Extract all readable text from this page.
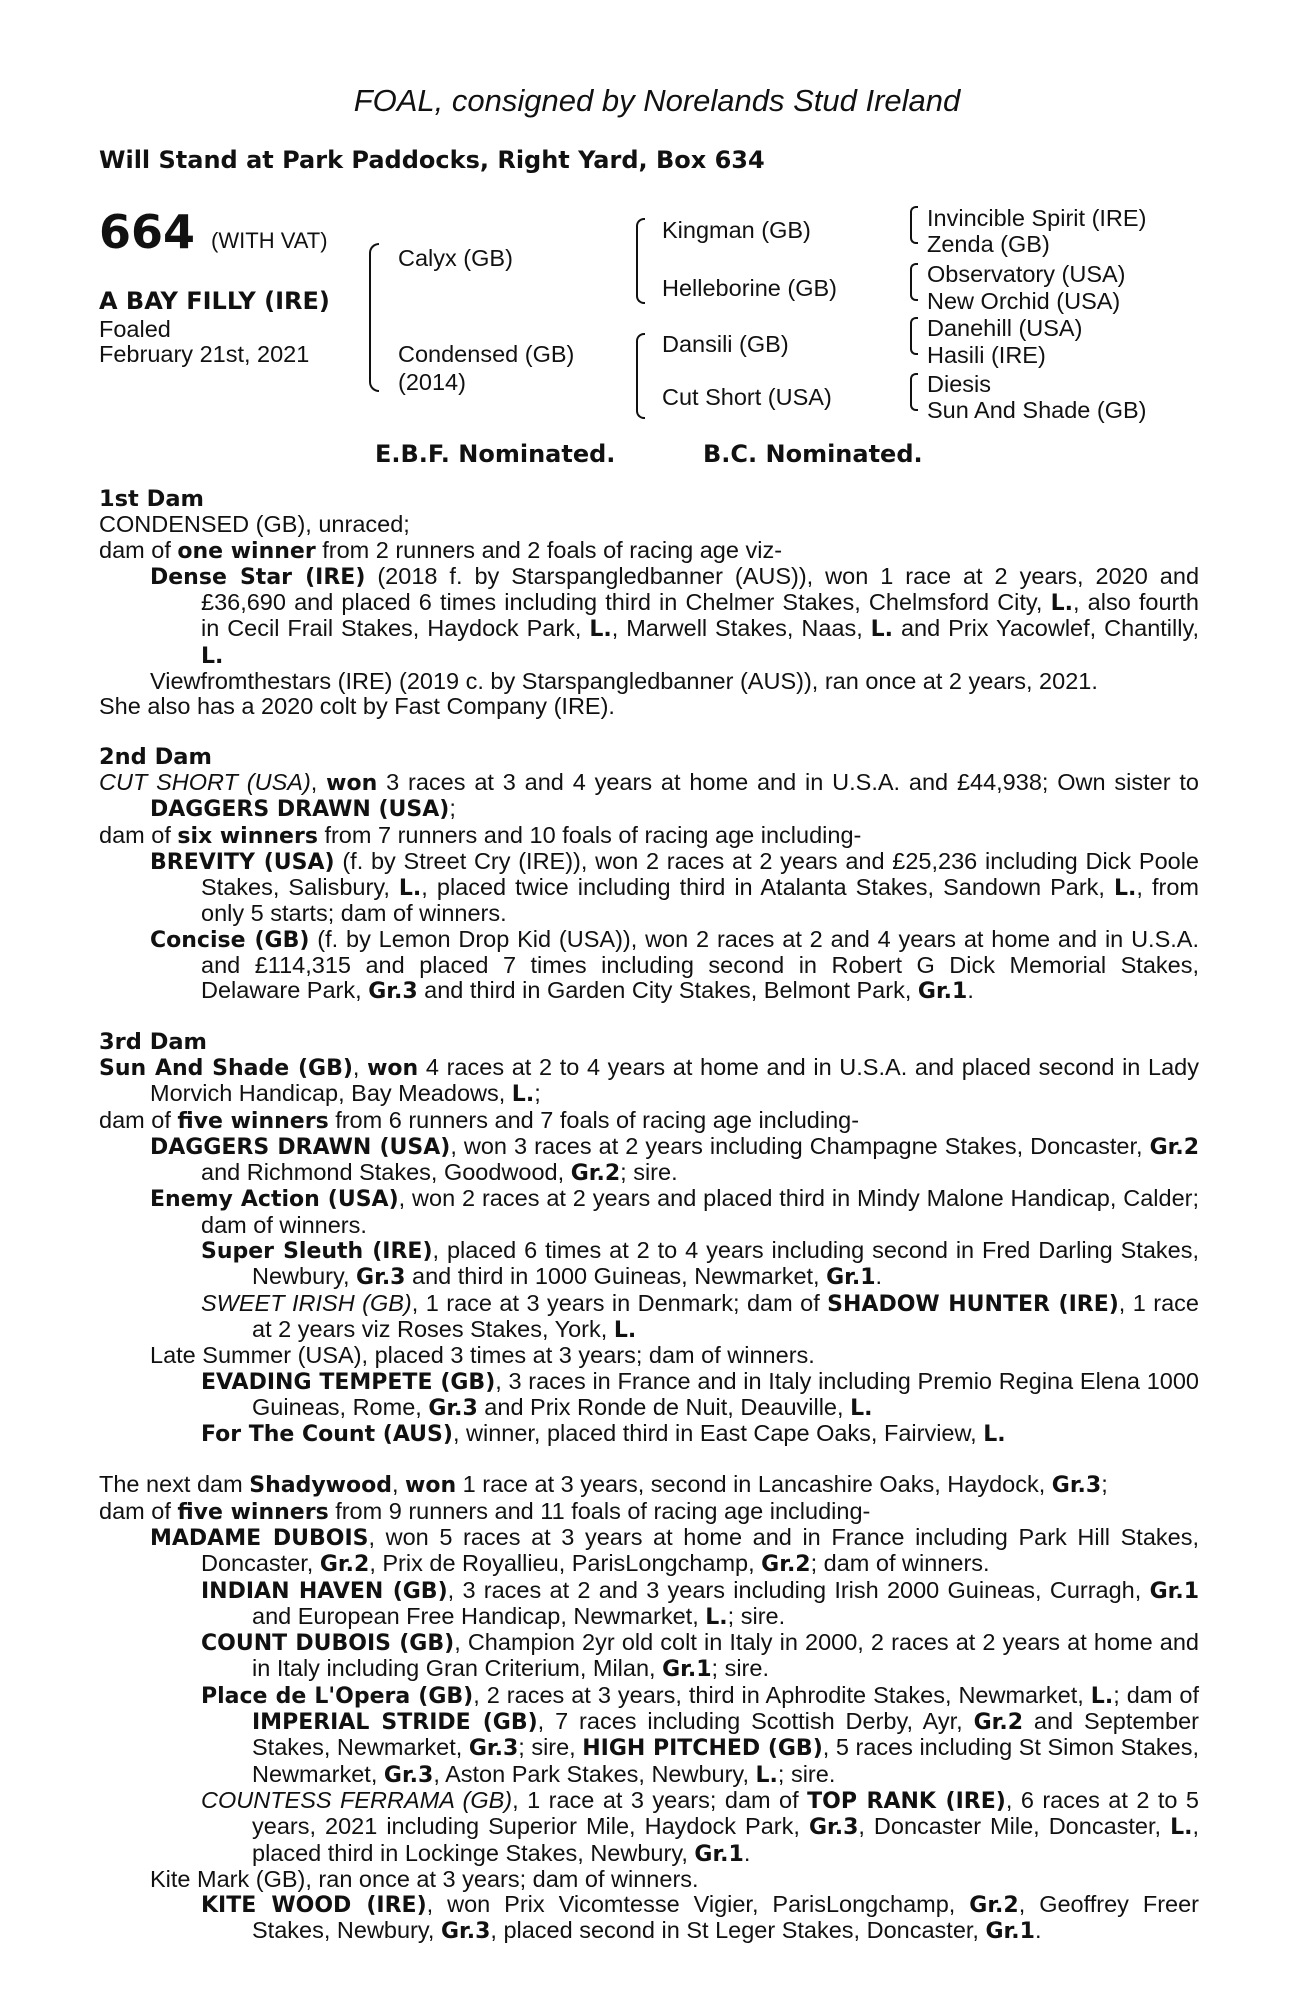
FOAL, consigned by Norelands Stud Ireland
Will Stand at Park Paddocks, Right Yard, Box 634
664 (WITH VAT)
A BAY FILLY (IRE)
Foaled
February 21st, 2021
Calyx (GB)
Condensed (GB)
(2014)
Kingman (GB)
Helleborine (GB)
Dansili (GB)
Cut Short (USA)
Invincible Spirit (IRE)
Zenda (GB)
Observatory (USA)
New Orchid (USA)
Danehill (USA)
Hasili (IRE)
Diesis
Sun And Shade (GB)
E.B.F. Nominated.	B.C. Nominated.
1st Dam
CONDENSED (GB), unraced;
dam of one winner from 2 runners and 2 foals of racing age viz-
Dense Star (IRE) (2018 f. by Starspangledbanner (AUS)), won 1 race at 2 years, 2020 and £36,690 and placed 6 times including third in Chelmer Stakes, Chelmsford City, L., also fourth in Cecil Frail Stakes, Haydock Park, L., Marwell Stakes, Naas, L. and Prix Yacowlef, Chantilly, L.
Viewfromthestars (IRE) (2019 c. by Starspangledbanner (AUS)), ran once at 2 years, 2021.
She also has a 2020 colt by Fast Company (IRE).
2nd Dam
CUT SHORT (USA), won 3 races at 3 and 4 years at home and in U.S.A. and £44,938; Own sister to DAGGERS DRAWN (USA);
dam of six winners from 7 runners and 10 foals of racing age including-
BREVITY (USA) (f. by Street Cry (IRE)), won 2 races at 2 years and £25,236 including Dick Poole Stakes, Salisbury, L., placed twice including third in Atalanta Stakes, Sandown Park, L., from only 5 starts; dam of winners.
Concise (GB) (f. by Lemon Drop Kid (USA)), won 2 races at 2 and 4 years at home and in U.S.A. and £114,315 and placed 7 times including second in Robert G Dick Memorial Stakes, Delaware Park, Gr.3 and third in Garden City Stakes, Belmont Park, Gr.1.
3rd Dam
Sun And Shade (GB), won 4 races at 2 to 4 years at home and in U.S.A. and placed second in Lady Morvich Handicap, Bay Meadows, L.;
dam of five winners from 6 runners and 7 foals of racing age including-
DAGGERS DRAWN (USA), won 3 races at 2 years including Champagne Stakes, Doncaster, Gr.2 and Richmond Stakes, Goodwood, Gr.2; sire.
Enemy Action (USA), won 2 races at 2 years and placed third in Mindy Malone Handicap, Calder; dam of winners.
Super Sleuth (IRE), placed 6 times at 2 to 4 years including second in Fred Darling Stakes, Newbury, Gr.3 and third in 1000 Guineas, Newmarket, Gr.1.
SWEET IRISH (GB), 1 race at 3 years in Denmark; dam of SHADOW HUNTER (IRE), 1 race at 2 years viz Roses Stakes, York, L.
Late Summer (USA), placed 3 times at 3 years; dam of winners.
EVADING TEMPETE (GB), 3 races in France and in Italy including Premio Regina Elena 1000 Guineas, Rome, Gr.3 and Prix Ronde de Nuit, Deauville, L.
For The Count (AUS), winner, placed third in East Cape Oaks, Fairview, L.
The next dam Shadywood, won 1 race at 3 years, second in Lancashire Oaks, Haydock, Gr.3;
dam of five winners from 9 runners and 11 foals of racing age including-
MADAME DUBOIS, won 5 races at 3 years at home and in France including Park Hill Stakes, Doncaster, Gr.2, Prix de Royallieu, ParisLongchamp, Gr.2; dam of winners.
INDIAN HAVEN (GB), 3 races at 2 and 3 years including Irish 2000 Guineas, Curragh, Gr.1 and European Free Handicap, Newmarket, L.; sire.
COUNT DUBOIS (GB), Champion 2yr old colt in Italy in 2000, 2 races at 2 years at home and in Italy including Gran Criterium, Milan, Gr.1; sire.
Place de L'Opera (GB), 2 races at 3 years, third in Aphrodite Stakes, Newmarket, L.; dam of IMPERIAL STRIDE (GB), 7 races including Scottish Derby, Ayr, Gr.2 and September Stakes, Newmarket, Gr.3; sire, HIGH PITCHED (GB), 5 races including St Simon Stakes, Newmarket, Gr.3, Aston Park Stakes, Newbury, L.; sire.
COUNTESS FERRAMA (GB), 1 race at 3 years; dam of TOP RANK (IRE), 6 races at 2 to 5 years, 2021 including Superior Mile, Haydock Park, Gr.3, Doncaster Mile, Doncaster, L., placed third in Lockinge Stakes, Newbury, Gr.1.
Kite Mark (GB), ran once at 3 years; dam of winners.
KITE WOOD (IRE), won Prix Vicomtesse Vigier, ParisLongchamp, Gr.2, Geoffrey Freer Stakes, Newbury, Gr.3, placed second in St Leger Stakes, Doncaster, Gr.1.
